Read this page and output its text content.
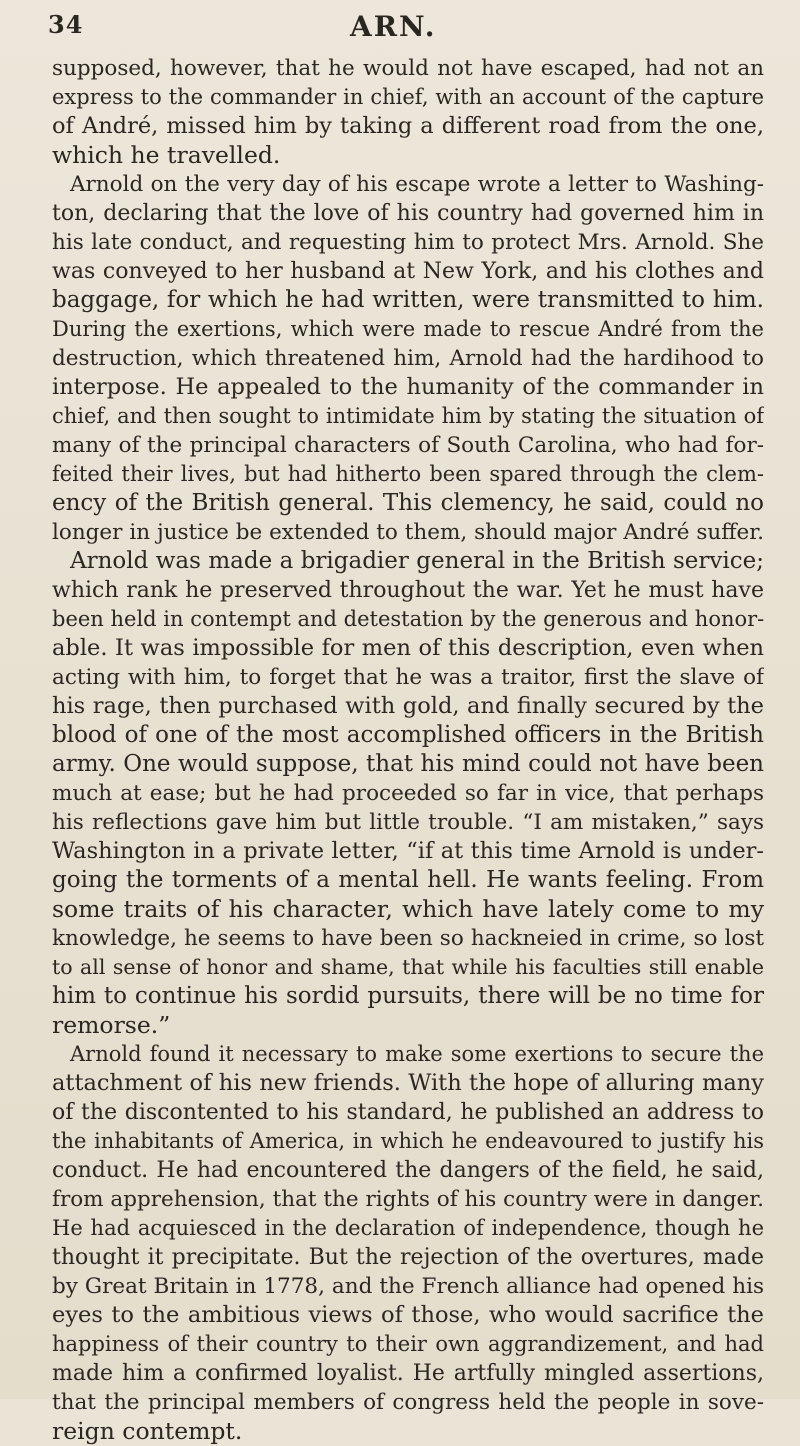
34	ARN.
supposed, however, that he would not have escaped, had not an
express to the commander in chief, with an account of the capture
of André, missed him by taking a different road from the one,
which he travelled.
Arnold on the very day of his escape wrote a letter to Washing-
ton, declaring that the love of his country had governed him in
his late conduct, and requesting him to protect Mrs. Arnold. She
was conveyed to her husband at New York, and his clothes and
baggage, for which he had written, were transmitted to him.
During the exertions, which were made to rescue André from the
destruction, which threatened him, Arnold had the hardihood to
interpose. He appealed to the humanity of the commander in
chief, and then sought to intimidate him by stating the situation of
many of the principal characters of South Carolina, who had for-
feited their lives, but had hitherto been spared through the clem-
ency of the British general. This clemency, he said, could no
longer in justice be extended to them, should major André suffer.
Arnold was made a brigadier general in the British service;
which rank he preserved throughout the war. Yet he must have
been held in contempt and detestation by the generous and honor-
able. It was impossible for men of this description, even when
acting with him, to forget that he was a traitor, first the slave of
his rage, then purchased with gold, and finally secured by the
blood of one of the most accomplished officers in the British
army. One would suppose, that his mind could not have been
much at ease; but he had proceeded so far in vice, that perhaps
his reflections gave him but little trouble. “I am mistaken,” says
Washington in a private letter, “if at this time Arnold is under-
going the torments of a mental hell. He wants feeling. From
some traits of his character, which have lately come to my
knowledge, he seems to have been so hackneied in crime, so lost
to all sense of honor and shame, that while his faculties still enable
him to continue his sordid pursuits, there will be no time for
remorse.”
Arnold found it necessary to make some exertions to secure the
attachment of his new friends. With the hope of alluring many
of the discontented to his standard, he published an address to
the inhabitants of America, in which he endeavoured to justify his
conduct. He had encountered the dangers of the field, he said,
from apprehension, that the rights of his country were in danger.
He had acquiesced in the declaration of independence, though he
thought it precipitate. But the rejection of the overtures, made
by Great Britain in 1778, and the French alliance had opened his
eyes to the ambitious views of those, who would sacrifice the
happiness of their country to their own aggrandizement, and had
made him a confirmed loyalist. He artfully mingled assertions,
that the principal members of congress held the people in sove-
reign contempt.
